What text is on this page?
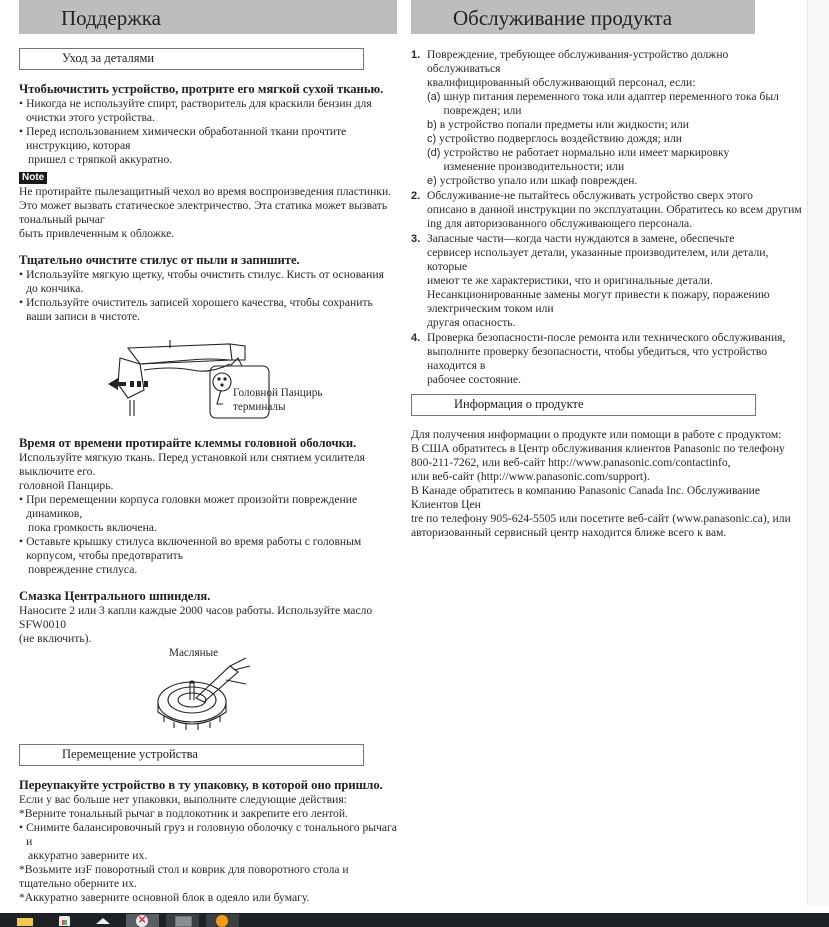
Поддержка
Уход за деталями
Чтобьючистить устройство, протрите его мягкой сухой тканью.
• Никогда не используйте спирт, растворитель для краскили бензин для очистки этого устройства.
• Перед использованием химически обработанной ткани прочтите инструкцию, которая
пришел с тряпкой аккуратно.
Note
Не протирайте пылезащитный чехол во время воспроизведения пластинки.
Это может вызвать статическое электричество. Эта статика может вызвать тональный рычаг
быть привлеченным к обложке.
Тщательно очистите стилус от пыли и запишите.
• Используйте мягкую щетку, чтобы очистить стилус. Кисть от основания до кончика.
• Используйте очиститель записей хорошего качества, чтобы сохранить ваши записи в чистоте.
Головной Панцирь
терминалы
Время от времени протирайте клеммы головной оболочки.
Используйте мягкую ткань. Перед установкой или снятием усилителя выключите его.
головной Панцирь.
• При перемещении корпуса головки может произойти повреждение динамиков,
пока громкость включена.
• Оставьте крышку стилуса включенной во время работы с головным корпусом, чтобы предотвратить
повреждение стилуса.
Смазка Центрального шпинделя.
Наносите 2 или 3 капли каждые 2000 часов работы. Используйте масло SFW0010
(не включить).
Масляные
Перемещение устройства
Переупакуйте устройство в ту упаковку, в которой оно пришло.
Если у вас больше нет упаковки, выполните следующие действия:
*Верните тональный рычаг в подлокотник и закрепите его лентой.
• Снимите балансировочный груз и головную оболочку с тонального рычага и
аккуратно заверните их.
*Возьмите изF поворотный стол и коврик для поворотного стола и тщательно оберните их.
*Аккуратно заверните основной блок в одеяло или бумагу.
Обслуживание продукта
1. Повреждение, требующее обслуживания-устройство должно обслуживаться
квалифицированный обслуживающий персонал, если:
(a) шнур питания переменного тока или адаптер переменного тока был
поврежден; или
b) в устройство попали предметы или жидкости; или
c) устройство подверглось воздействию дождя; или
(d) устройство не работает нормально или имеет маркировку
изменение производительности; или
e) устройство упало или шкаф поврежден.
2. Обслуживание-не пытайтесь обслуживать устройство сверх этого
описано в данной инструкции по эксплуатации. Обратитесь ко всем другим
ing для авторизованного обслуживающего персонала.
3. Запасные части—когда части нуждаются в замене, обеспечьте
сервисер использует детали, указанные производителем, или детали, которые
имеют те же характеристики, что и оригинальные детали.
Несанкционированные замены могут привести к пожару, поражению электрическим током или
другая опасность.
4. Проверка безопасности-после ремонта или технического обслуживания,
выполните проверку безопасности, чтобы убедиться, что устройство находится в
рабочее состояние.
Информация о продукте
Для получения информации о продукте или помощи в работе с продуктом:
В США обратитесь в Центр обслуживания клиентов Panasonic по телефону
800-211-7262, или веб-сайт http://www.panasonic.com/contactinfo,
или веб-сайт (http://www.panasonic.com/support).
В Канаде обратитесь в компанию Panasonic Canada Inc. Обслуживание Клиентов Цен
tre по телефону 905-624-5505 или посетите веб-сайт (www.panasonic.ca), или
авторизованный сервисный центр находится ближе всего к вам.
✕
